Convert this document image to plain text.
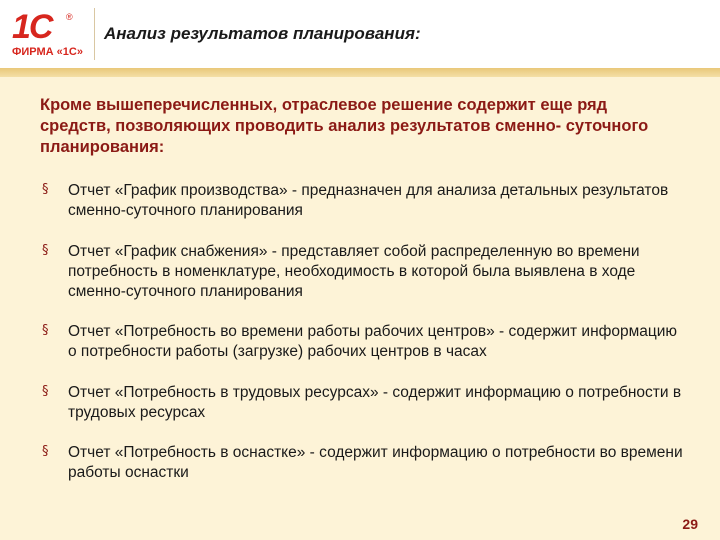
1С ®
ФИРМА «1С»
Анализ результатов планирования:
Кроме вышеперечисленных, отраслевое решение содержит еще ряд средств, позволяющих проводить анализ результатов сменно- суточного планирования:
§ Отчет «График производства» - предназначен для анализа детальных результатов сменно-суточного планирования
§ Отчет «График снабжения» - представляет собой распределенную во времени потребность в номенклатуре, необходимость в которой была выявлена в ходе сменно-суточного планирования
§ Отчет «Потребность во времени работы рабочих центров» - содержит информацию о потребности работы (загрузке) рабочих центров в часах
§ Отчет «Потребность в трудовых ресурсах» - содержит информацию о потребности в трудовых ресурсах
§ Отчет «Потребность в оснастке» - содержит информацию о потребности во времени работы оснастки
29
